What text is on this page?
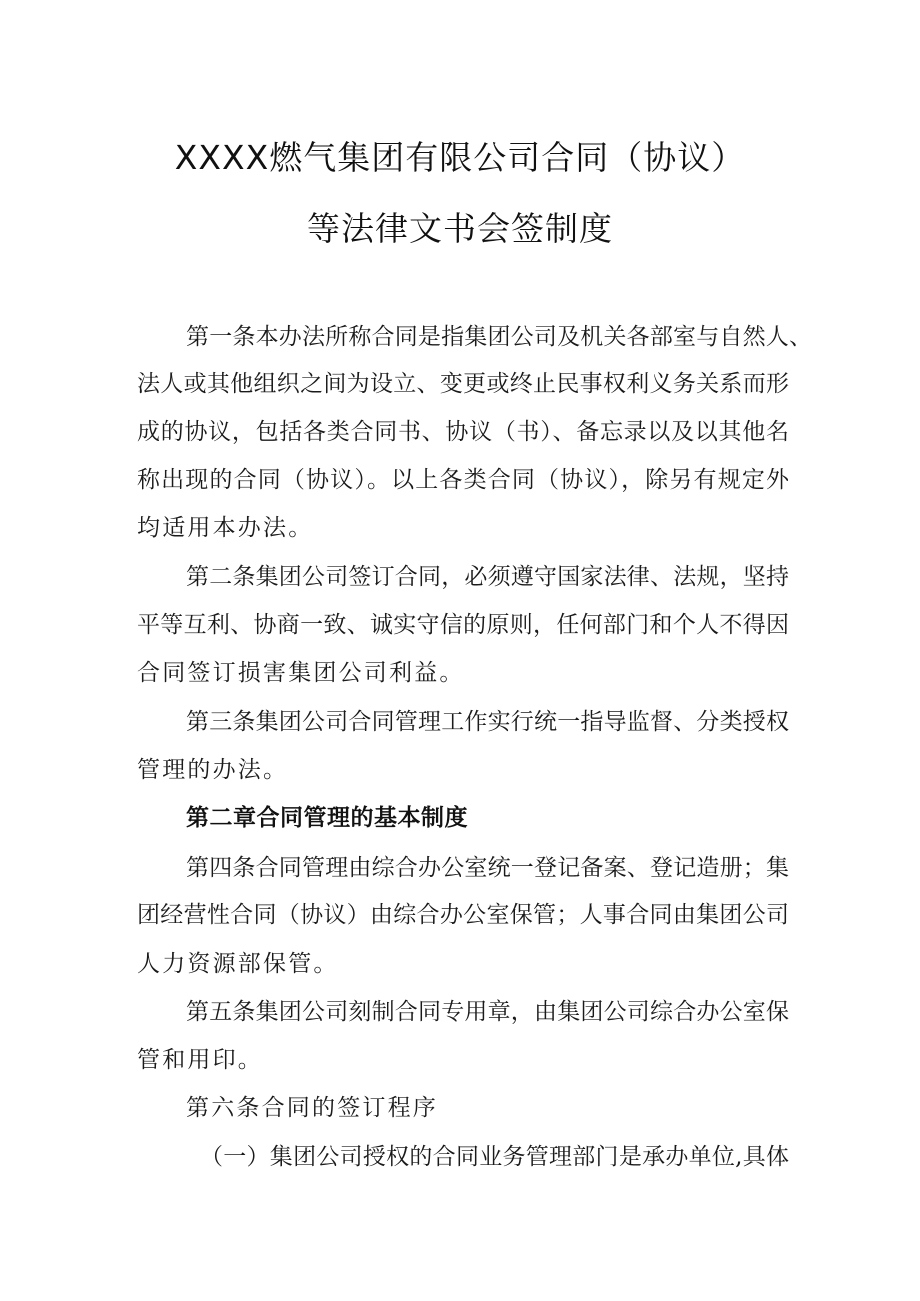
XXXX燃气集团有限公司合同（协议）
等法律文书会签制度
第一条本办法所称合同是指集团公司及机关各部室与自然人、
法人或其他组织之间为设立、变更或终止民事权利义务关系而形
成的协议，包括各类合同书、协议（书）、备忘录以及以其他名
称出现的合同（协议）。以上各类合同（协议），除另有规定外
均适用本办法。
第二条集团公司签订合同，必须遵守国家法律、法规，坚持
平等互利、协商一致、诚实守信的原则，任何部门和个人不得因
合同签订损害集团公司利益。
第三条集团公司合同管理工作实行统一指导监督、分类授权
管理的办法。
第二章合同管理的基本制度
第四条合同管理由综合办公室统一登记备案、登记造册；集
团经营性合同（协议）由综合办公室保管；人事合同由集团公司
人力资源部保管。
第五条集团公司刻制合同专用章，由集团公司综合办公室保
管和用印。
第六条合同的签订程序
（一）集团公司授权的合同业务管理部门是承办单位,具体
